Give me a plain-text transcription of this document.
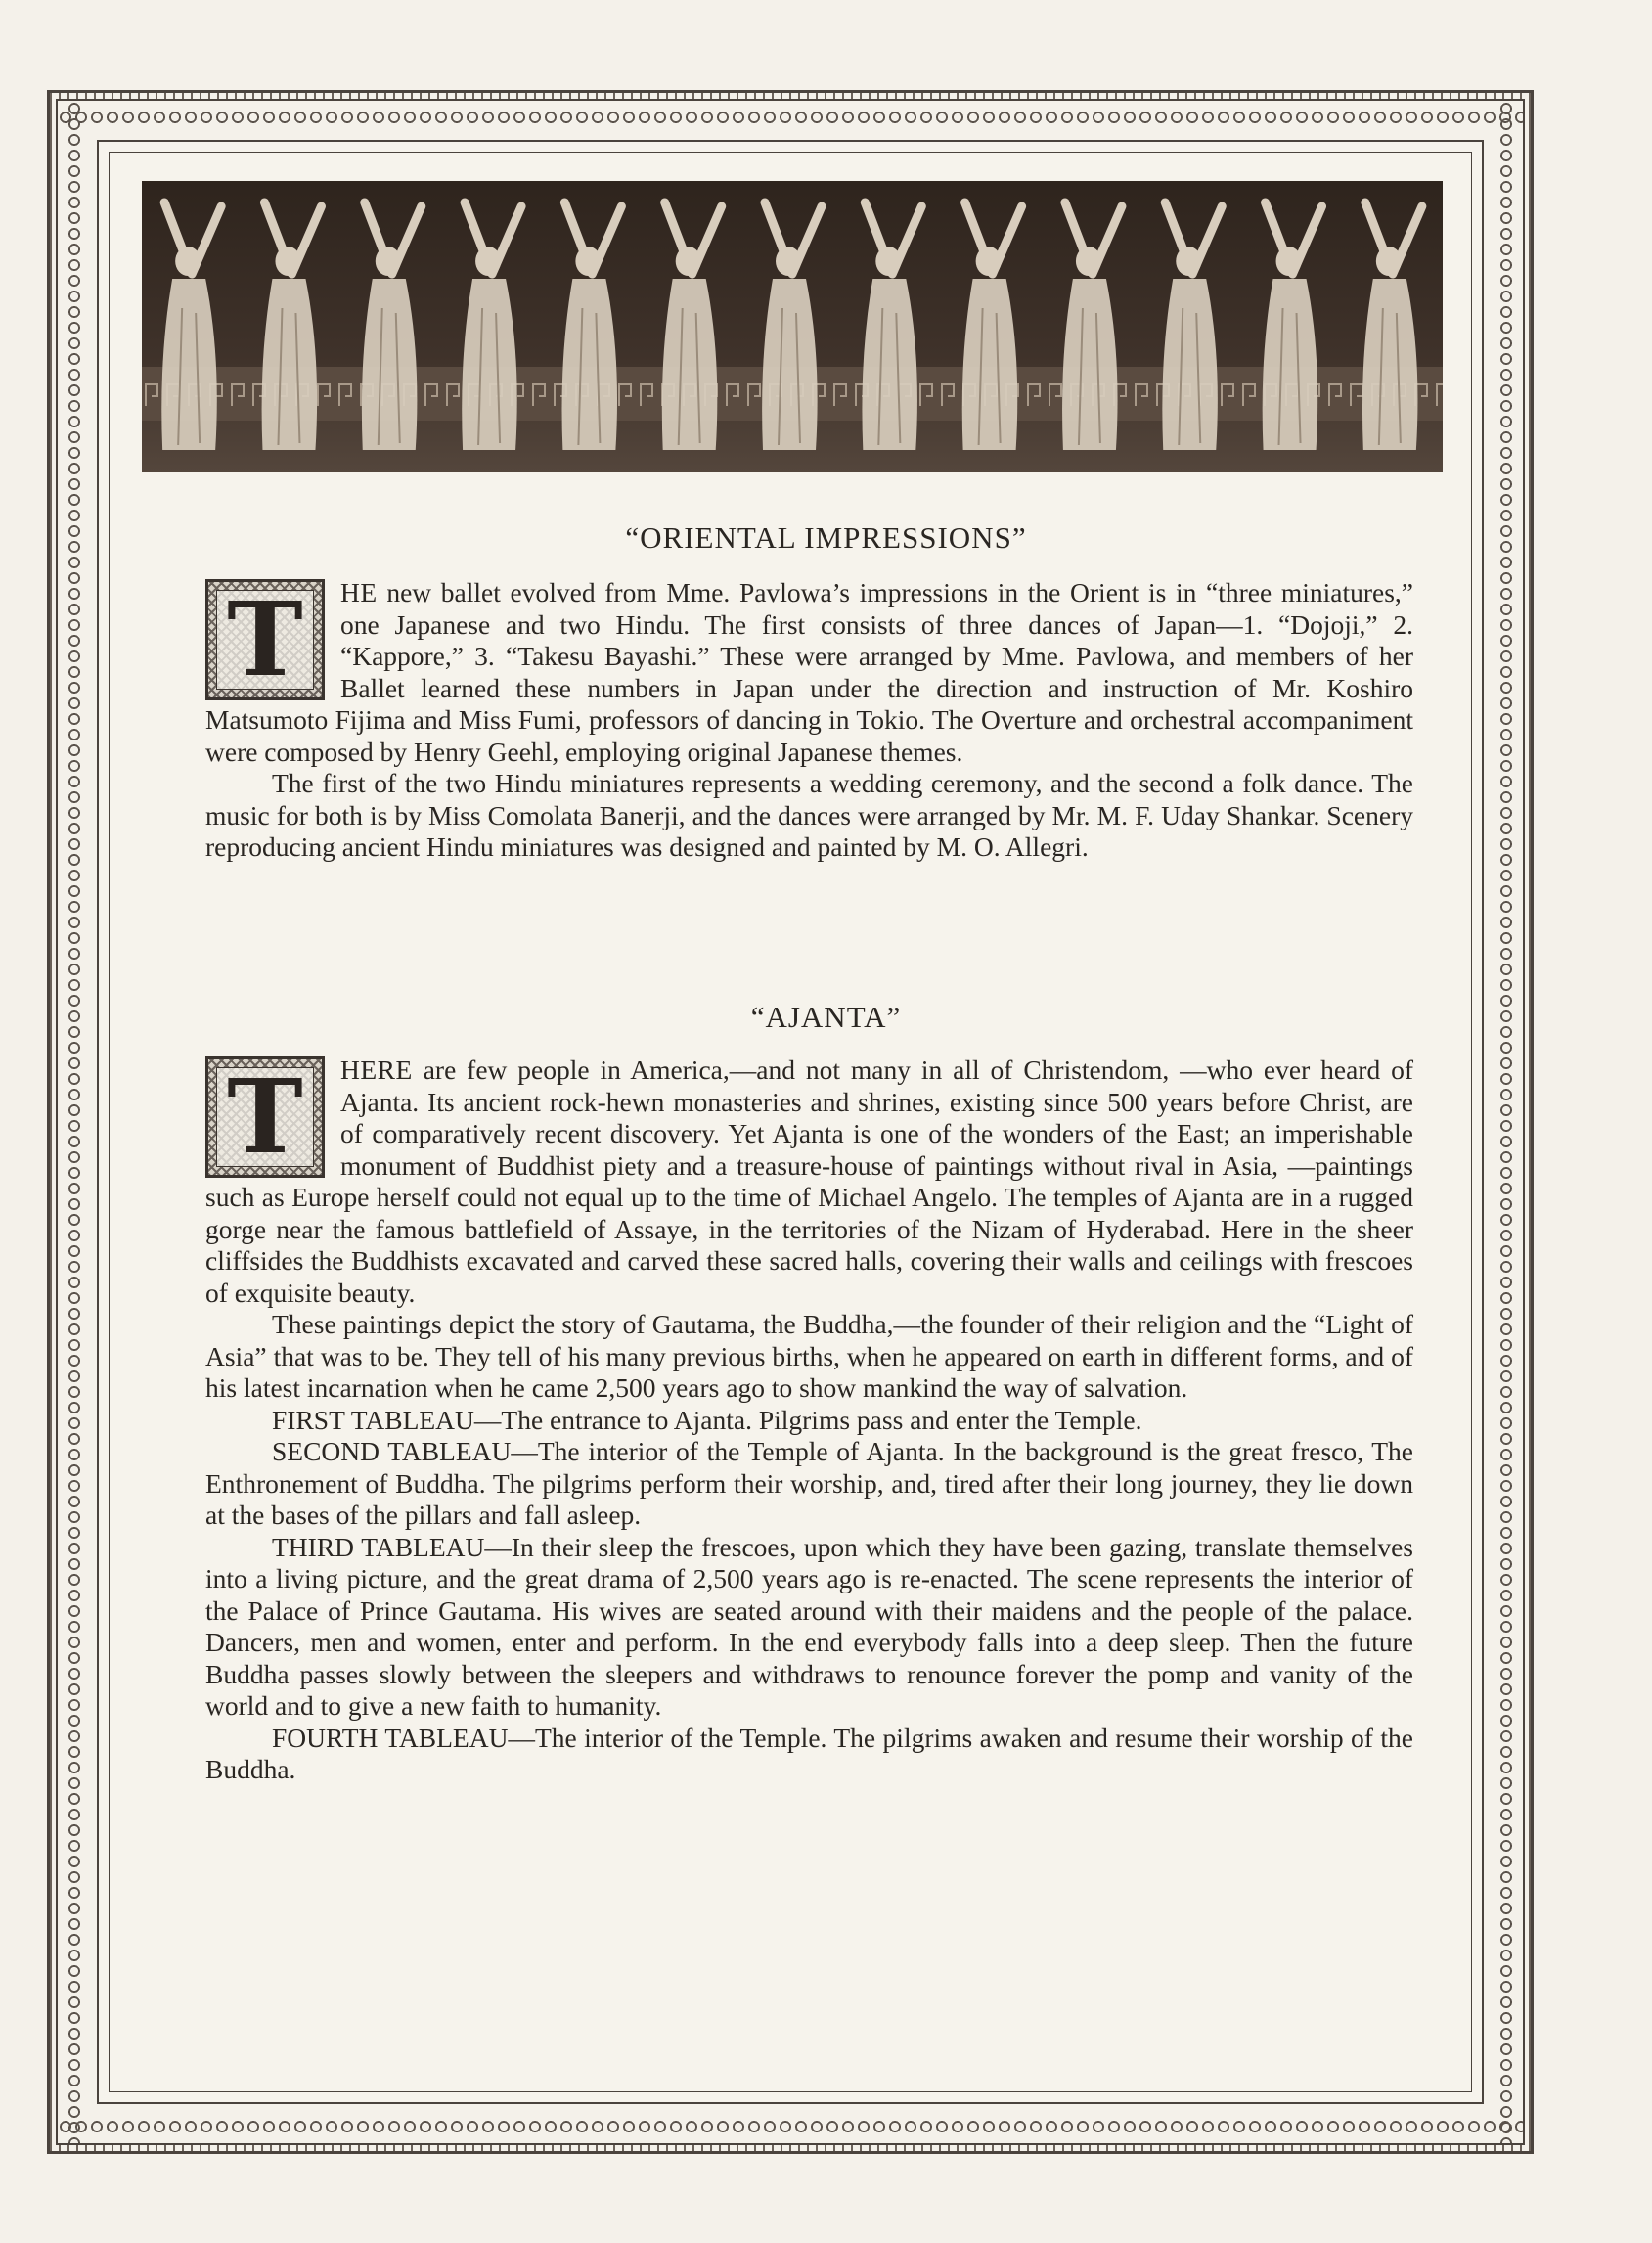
“ORIENTAL IMPRESSIONS”
T	HE new ballet evolved from Mme. Pavlowa’s impressions in the Orient is in “three miniatures,” one Japanese and two Hindu. The first consists of three dances of Japan—1. “Dojoji,” 2. “Kappore,” 3. “Takesu Bayashi.” These were arranged by Mme. Pavlowa, and members of her Ballet learned these numbers in Japan under the direction and instruction of Mr. Koshiro Matsumoto Fijima and Miss Fumi, professors of dancing in Tokio. The Overture and orchestral accompaniment were composed by Henry Geehl, employing original Japanese themes.

The first of the two Hindu miniatures represents a wedding ceremony, and the second a folk dance. The music for both is by Miss Comolata Banerji, and the dances were arranged by Mr. M. F. Uday Shankar. Scenery reproducing ancient Hindu miniatures was designed and painted by M. O. Allegri.

“AJANTA”
T	HERE are few people in America,—and not many in all of Christendom, —who ever heard of Ajanta. Its ancient rock-hewn monasteries and shrines, existing since 500 years before Christ, are of comparatively recent discovery. Yet Ajanta is one of the wonders of the East; an imperishable monument of Buddhist piety and a treasure-house of paintings without rival in Asia, —paintings such as Europe herself could not equal up to the time of Michael Angelo. The temples of Ajanta are in a rugged gorge near the famous battlefield of Assaye, in the territories of the Nizam of Hyderabad. Here in the sheer cliffsides the Buddhists excavated and carved these sacred halls, covering their walls and ceilings with frescoes of exquisite beauty.

These paintings depict the story of Gautama, the Buddha,—the founder of their religion and the “Light of Asia” that was to be. They tell of his many previous births, when he appeared on earth in different forms, and of his latest incarnation when he came 2,500 years ago to show mankind the way of salvation.

FIRST TABLEAU—The entrance to Ajanta. Pilgrims pass and enter the Temple.

SECOND TABLEAU—The interior of the Temple of Ajanta. In the background is the great fresco, The Enthronement of Buddha. The pilgrims perform their worship, and, tired after their long journey, they lie down at the bases of the pillars and fall asleep.

THIRD TABLEAU—In their sleep the frescoes, upon which they have been gazing, translate themselves into a living picture, and the great drama of 2,500 years ago is re-enacted. The scene represents the interior of the Palace of Prince Gautama. His wives are seated around with their maidens and the people of the palace. Dancers, men and women, enter and perform. In the end everybody falls into a deep sleep. Then the future Buddha passes slowly between the sleepers and withdraws to renounce forever the pomp and vanity of the world and to give a new faith to humanity.

FOURTH TABLEAU—The interior of the Temple. The pilgrims awaken and resume their worship of the Buddha.
